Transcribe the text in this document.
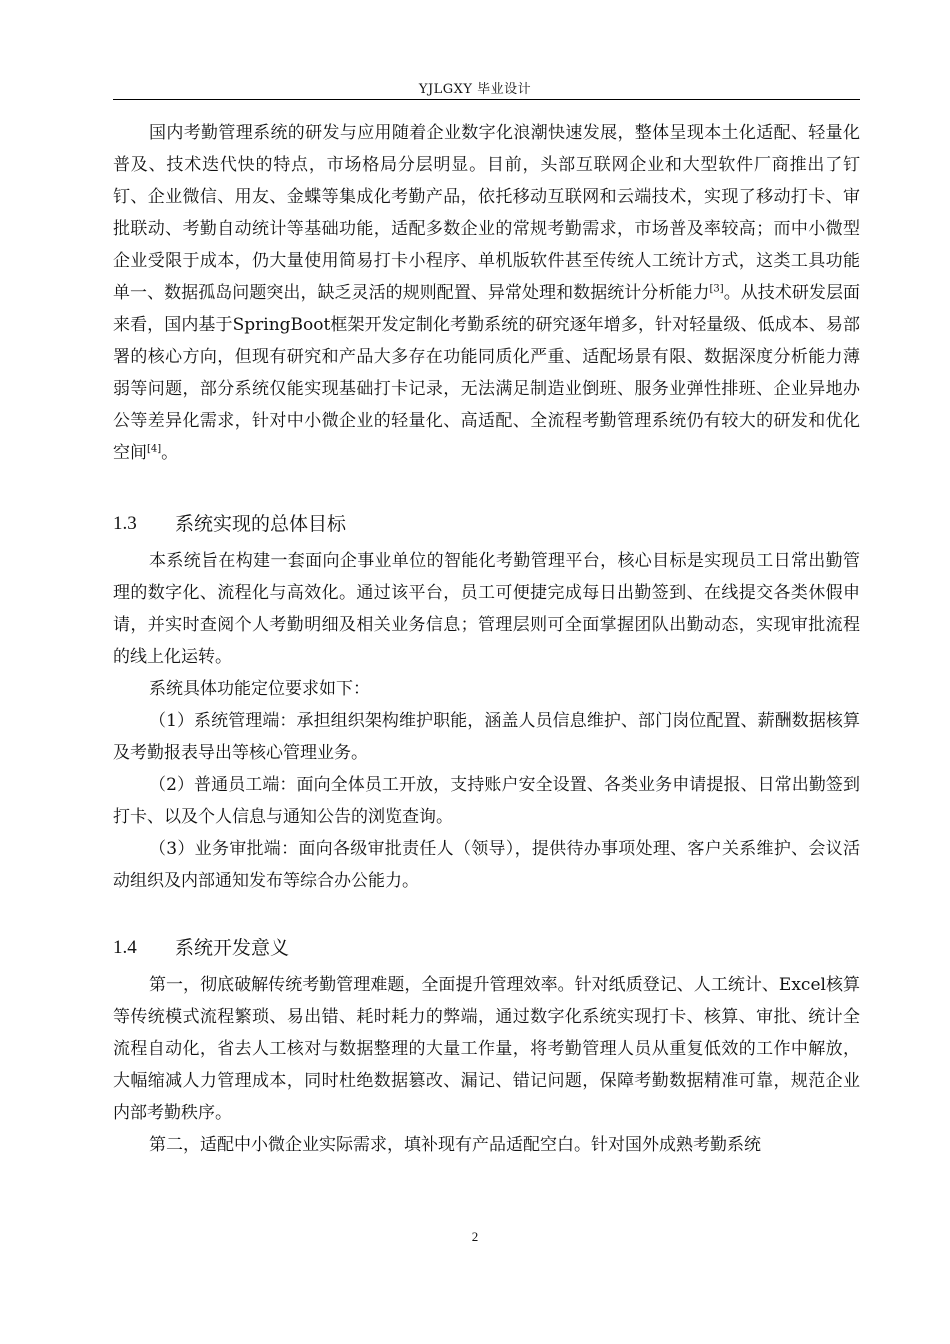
YJLGXY 毕业设计

国内考勤管理系统的研发与应用随着企业数字化浪潮快速发展，整体呈现本土化适配、轻量化普及、技术迭代快的特点，市场格局分层明显。目前，头部互联网企业和大型软件厂商推出了钉钉、企业微信、用友、金蝶等集成化考勤产品，依托移动互联网和云端技术，实现了移动打卡、审批联动、考勤自动统计等基础功能，适配多数企业的常规考勤需求，市场普及率较高；而中小微型企业受限于成本，仍大量使用简易打卡小程序、单机版软件甚至传统人工统计方式，这类工具功能单一、数据孤岛问题突出，缺乏灵活的规则配置、异常处理和数据统计分析能力[3]。从技术研发层面来看，国内基于SpringBoot框架开发定制化考勤系统的研究逐年增多，针对轻量级、低成本、易部署的核心方向，但现有研究和产品大多存在功能同质化严重、适配场景有限、数据深度分析能力薄弱等问题，部分系统仅能实现基础打卡记录，无法满足制造业倒班、服务业弹性排班、企业异地办公等差异化需求，针对中小微企业的轻量化、高适配、全流程考勤管理系统仍有较大的研发和优化空间[4]。

1.3	系统实现的总体目标

本系统旨在构建一套面向企事业单位的智能化考勤管理平台，核心目标是实现员工日常出勤管理的数字化、流程化与高效化。通过该平台，员工可便捷完成每日出勤签到、在线提交各类休假申请，并实时查阅个人考勤明细及相关业务信息；管理层则可全面掌握团队出勤动态，实现审批流程的线上化运转。

系统具体功能定位要求如下：

（1）系统管理端：承担组织架构维护职能，涵盖人员信息维护、部门岗位配置、薪酬数据核算及考勤报表导出等核心管理业务。

（2）普通员工端：面向全体员工开放，支持账户安全设置、各类业务申请提报、日常出勤签到打卡、以及个人信息与通知公告的浏览查询。

（3）业务审批端：面向各级审批责任人（领导），提供待办事项处理、客户关系维护、会议活动组织及内部通知发布等综合办公能力。

1.4	系统开发意义

第一，彻底破解传统考勤管理难题，全面提升管理效率。针对纸质登记、人工统计、Excel核算等传统模式流程繁琐、易出错、耗时耗力的弊端，通过数字化系统实现打卡、核算、审批、统计全流程自动化，省去人工核对与数据整理的大量工作量，将考勤管理人员从重复低效的工作中解放，大幅缩减人力管理成本，同时杜绝数据篡改、漏记、错记问题，保障考勤数据精准可靠，规范企业内部考勤秩序。

第二，适配中小微企业实际需求，填补现有产品适配空白。针对国外成熟考勤系统

2
